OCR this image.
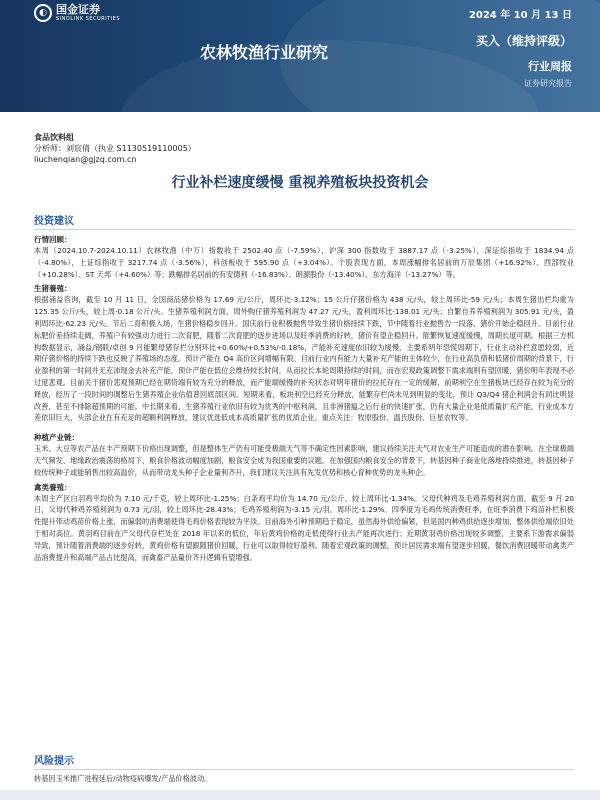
◐ 国金证券
SINOLINK SECURITIES	2024 年 10 月 13 日
农林牧渔行业研究
买入（维持评级）
行业周报
证券研究报告
食品饮料组
分析师：刘宸倩（执业 S1130519110005）
liuchenqian@gjzq.com.cn
行业补栏速度缓慢 重视养殖板块投资机会
投资建议
行情回顾：
本周（2024.10.7-2024.10.11）农林牧渔（中万）指数收于 2502.40 点（-7.59%），沪深 300 指数收于 3887.17 点（-3.25%），深证综指收于 1834.94 点（-4.80%），上证综指收于 3217.74 点（-3.56%），科创板收于 595.90 点（+3.04%）。个股表现方面，本周涨幅排名居前的万辰集团（+16.92%）、西部牧业（+10.28%）、ST 天邦（+4.60%）等；跌幅排名居前的有安德利（-16.83%）、朗源股份（-13.40%）、东方海洋（-13.27%）等。
生猪養殖：
根据涌益咨询，截至 10 月 11 日，全国商品猪价格为 17.69 元/公斤，周环比-3.12%；15 公斤仔猪价格为 438 元/头，较上周环比-59 元/头；本周生猪出栏均重为 125.35 公斤/头，较上周-0.18 公斤/头。生猪养殖利润方面，周外购仔猪养殖利润为 47.27 元/头，盈利周环比-138.01 元/头；自繁自养养殖利润为 305.91 元/头，盈利周环比-62.23 元/头。节后二育积极入场，生猪价格稳步回升。国庆前行业积极抛售导致生猪价格持续下跌，节中随着行业抛售告一段落，猪价开始企稳回升。目前行业标肥价差持续走阔，养殖户有较强动力进行二次育肥，随着二次育肥的逐步进场以及旺季消费的好转，猪价有望企稳回升。能繁恢复速度缓慢，周期长度可期。根据三方机构数据显示，涌益/钢联/卓创 9 月能繁母猪存栏分别环比+0.60%/+0.53%/-0.18%，产能补充速度依旧较为缓慢，主要系明年恐慌周期下，行业主动补栏意愿较弱，近期仔猪价格的持续下跌也反映了养殖场的态度。预计产能在 Q4 高价区间增幅有限。目前行业内有能力大量补充产能的主体较少，在行业高负债和低猪价周期的背景下，行业盈利的第一时间并无充沛现金去补充产能，预计产能在低位会维持较长时间，从而拉长本轮周期持续的时间，而在宏观政策调整下需求端则有望回暖，猪价明年表现不必过度悲观。目前关于猪价悲观预期已经在期货端有较为充分的释放，而产能端缓慢的补充状态对明年猪价的拉托存在一定的缓解，前期利空在生猪板块已经存在较为充分的释放，经历了一段时间的调整后生猪养殖企业估值普回底部区间。短期来看，板块利空已经充分释放，能繁存栏尚未见到明显的变化，预计 Q3/Q4 猪企利润会有同比明显改善，甚至不排除超预期的可能。中长期来看，生猪养殖行业依旧有较为优秀的中枢利润，且非洲猪瘟之后行业的快速扩张，仍有大量企业是低质量扩充产能，行业成本方差依旧巨大，头部企业在有充足的超额利润释放，建议优选低成本高质量扩张的优质企业。重点关注：牧原股份、温氏股份、巨星农牧等。
种植产业链：
玉米、大豆等农产品在丰产预期下价格出现调整，但是整体生产仍有可能受极端天气等不确定性因素影响，建议持续关注天气对农业生产可能造成的潜在影响。在全球极端天气频发、地缘政治震荡的格局下，粮食价格波动幅度加剧，粮食安全成为我国重要的议题。在加强国内粮食安全的背景下，转基因种子商业化落地持续推进，转基因种子较传统种子或能销售出较高溢价，从而带动龙头种子企业量利齐升，我们建议关注具有先发优势和核心育种优势的龙头种企。
禽类養殖：
本周主产区白羽鸡平均价为 7.10 元/千克，较上周环比-1.25%；白条鸡平均价为 14.70 元/公斤，较上周环比-1.34%。父母代种鸡及毛鸡养殖利润方面，截至 9 月 20 日，父母代种鸡养殖利润为 0.73 元/羽，较上周环比-28.43%；毛鸡养殖利润为-3.15 元/羽，周环比-1.29%。四季度为毛鸡传统消费旺季，在旺季消费下鸡苗补栏积极性提升带动鸡苗价格上涨，而偏弱的消费端使得毛鸡价格表现较为平淡。目前海外引种预期趋于稳定，虽然海外供给偏紧，但是国内种鸡供给逐步增加，整体供给端依旧处于相对高位。黄羽鸡目前在产父母代存栏处在 2018 年以来的低位，年后黄鸡价格的走低使得行业去产能再次进行；近期黄羽鸡价格出现较多调整，主要系下游需求偏弱导致，预计随着消费端的逐步好转，黄鸡价格有望跟随猪价回暖，行业可以取得较好盈利。随着宏观政策的调整，预计居民需求端有望逐步回暖，餐饮消费回暖带动禽类产品消费提升和高端产品占比提高，而禽畜产品量价齐升逻辑有望增强。
风险提示
转基因玉米推广进程延后/动物疫病爆发/产品价格波动。
